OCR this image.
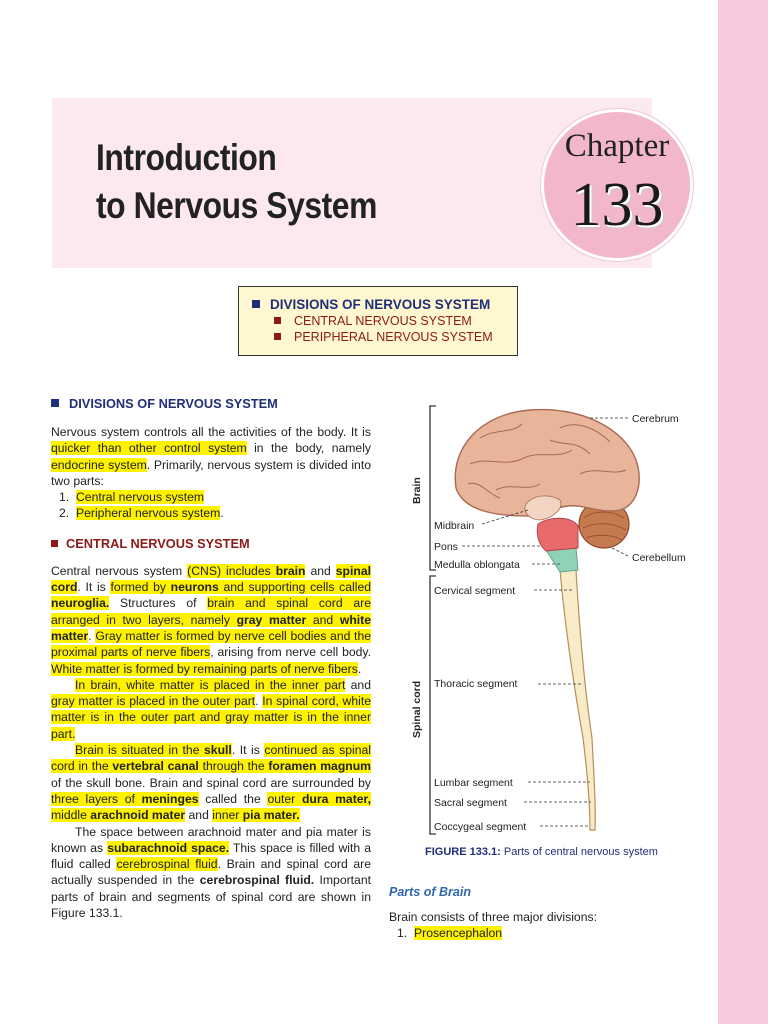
Introduction
to Nervous System
Chapter
133
DIVISIONS OF NERVOUS SYSTEM
CENTRAL NERVOUS SYSTEM
PERIPHERAL NERVOUS SYSTEM
DIVISIONS OF NERVOUS SYSTEM

Nervous system controls all the activities of the body. It is quicker than other control system in the body, namely endocrine system. Primarily, nervous system is divided into two parts:

1. Central nervous system
2. Peripheral nervous system.
CENTRAL NERVOUS SYSTEM

Central nervous system (CNS) includes brain and spinal cord. It is formed by neurons and supporting cells called neuroglia. Structures of brain and spinal cord are arranged in two layers, namely gray matter and white matter. Gray matter is formed by nerve cell bodies and the proximal parts of nerve fibers, arising from nerve cell body. White matter is formed by remaining parts of nerve fibers.

In brain, white matter is placed in the inner part and gray matter is placed in the outer part. In spinal cord, white matter is in the outer part and gray matter is in the inner part.

Brain is situated in the skull. It is continued as spinal cord in the vertebral canal through the foramen magnum of the skull bone. Brain and spinal cord are surrounded by three layers of meninges called the outer dura mater, middle arachnoid mater and inner pia mater.

The space between arachnoid mater and pia mater is known as subarachnoid space. This space is filled with a fluid called cerebrospinal fluid. Brain and spinal cord are actually suspended in the cerebrospinal fluid. Important parts of brain and segments of spinal cord are shown in Figure 133.1.

Brain
Spinal cord
Cerebrum
Midbrain
Pons
Medulla oblongata
Cerebellum
Cervical segment
Thoracic segment
Lumbar segment
Sacral segment
Coccygeal segment
FIGURE 133.1: Parts of central nervous system
Parts of Brain

Brain consists of three major divisions:

1. Prosencephalon
